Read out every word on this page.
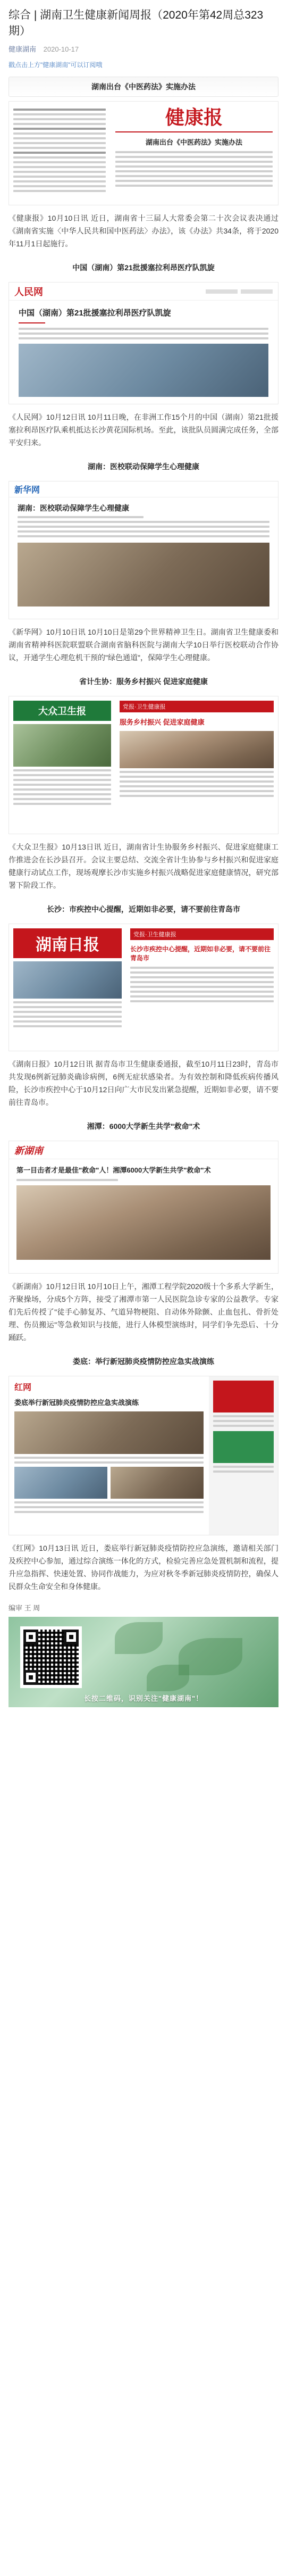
综合 | 湖南卫生健康新闻周报（2020年第42周总323期）
健康湖南 2020-10-17
戳点击上方"健康湖南"可以订阅哦
湖南出台《中医药法》实施办法
健康报
湖南出台《中医药法》实施办法

《健康报》10月10日讯 近日，湖南省十三届人大常委会第二十次会议表决通过《湖南省实施〈中华人民共和国中医药法〉办法》，该《办法》共34条，将于2020年11月1日起施行。

中国（湖南）第21批援塞拉利昂医疗队凯旋
人民网
中国（湖南）第21批援塞拉利昂医疗队凯旋

《人民网》10月12日讯 10月11日晚，在非洲工作15个月的中国（湖南）第21批援塞拉利昂医疗队乘机抵达长沙黄花国际机场。至此，该批队员圆满完成任务，全部平安归来。

湖南：医校联动保障学生心理健康
新华网
湖南：医校联动保障学生心理健康

《新华网》10月10日讯 10月10日是第29个世界精神卫生日。湖南省卫生健康委和湖南省精神科医院联盟联合湖南省脑科医院与湖南大学10日举行医校联动合作协议，开通学生心理危机干预的"绿色通道"，保障学生心理健康。

省计生协：服务乡村振兴 促进家庭健康
大众卫生报	党报·卫生健康报
服务乡村振兴 促进家庭健康

《大众卫生报》10月13日讯 近日，湖南省计生协服务乡村振兴、促进家庭健康工作推进会在长沙县召开。会议主要总结、交流全省计生协参与乡村振兴和促进家庭健康行动试点工作，现场观摩长沙市实施乡村振兴战略促进家庭健康情况，研究部署下阶段工作。

长沙：市疾控中心提醒，近期如非必要，请不要前往青岛市
湖南日报
党报·卫生健康报
长沙市疾控中心提醒，近期如非必要，请不要前往青岛市

《湖南日报》10月12日讯 据青岛市卫生健康委通报，截至10月11日23时，青岛市共发现6例新冠肺炎确诊病例，6例无症状感染者。为有效控制和降低疾病传播风险，长沙市疾控中心于10月12日向广大市民发出紧急提醒，近期如非必要，请不要前往青岛市。

湘潭：6000大学新生共学"救命"术
新湖南
第一目击者才是最佳"救命"人！湘潭6000大学新生共学"救命"术

《新湖南》10月12日讯 10月10日上午，湘潭工程学院2020级十个多系大学新生，齐聚操场，分成5个方阵，接受了湘潭市第一人民医院急诊专家的公益教学。专家们先后传授了"徒手心肺复苏、气道异物梗阻、自动体外除颤、止血包扎、骨折处理、伤员搬运"等急救知识与技能，进行人体模型演练时，同学们争先恐后、十分踊跃。

娄底：举行新冠肺炎疫情防控应急实战演练
红网
娄底举行新冠肺炎疫情防控应急实战演练

《红网》10月13日讯 近日，娄底举行新冠肺炎疫情防控应急演练，邀请相关部门及疾控中心参加，通过综合演练一体化的方式，检验完善应急处置机制和流程，提升应急指挥、快速处置、协同作战能力，为应对秋冬季新冠肺炎疫情防控，确保人民群众生命安全和身体健康。

编审 王 周
长按二维码，识别关注"健康湖南"！
